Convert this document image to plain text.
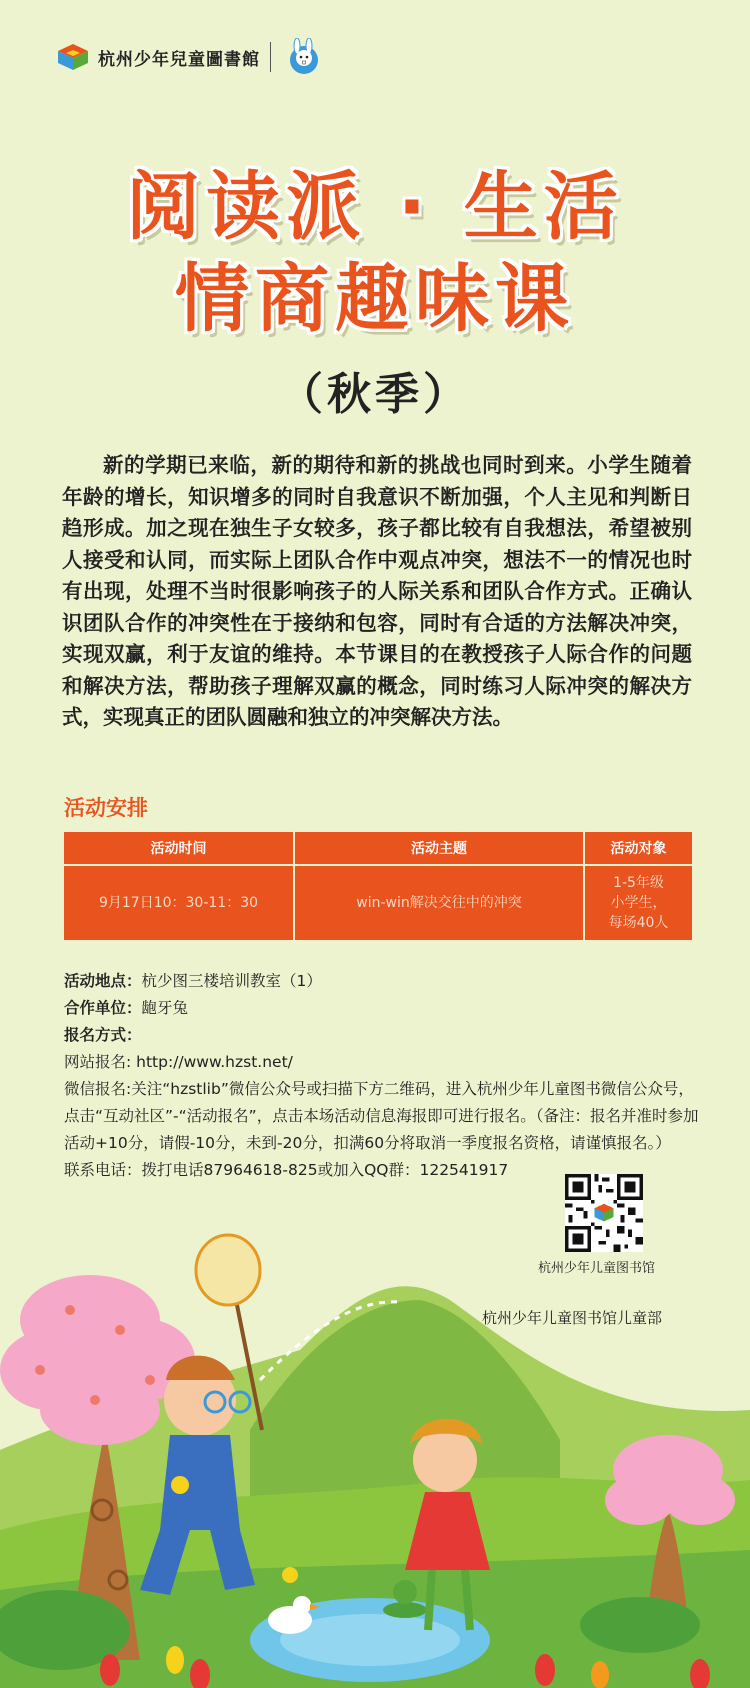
杭州少年兒童圖書館
阅读派 · 生活
情商趣味课
（秋季）
新的学期已来临，新的期待和新的挑战也同时到来。小学生随着年龄的增长，知识增多的同时自我意识不断加强，个人主见和判断日趋形成。加之现在独生子女较多，孩子都比较有自我想法，希望被别人接受和认同，而实际上团队合作中观点冲突，想法不一的情况也时有出现，处理不当时很影响孩子的人际关系和团队合作方式。正确认识团队合作的冲突性在于接纳和包容，同时有合适的方法解决冲突，实现双赢，利于友谊的维持。本节课目的在教授孩子人际合作的问题和解决方法，帮助孩子理解双赢的概念，同时练习人际冲突的解决方式，实现真正的团队圆融和独立的冲突解决方法。
活动安排
活动时间	活动主题	活动对象
9月17日10：30-11：30	win-win解决交往中的冲突	1-5年级
小学生，
每场40人

活动地点：杭少图三楼培训教室（1）

合作单位：龅牙兔

报名方式：

网站报名: http://www.hzst.net/

微信报名:关注“hzstlib”微信公众号或扫描下方二维码，进入杭州少年儿童图书微信公众号，点击“互动社区”-“活动报名”，点击本场活动信息海报即可进行报名。（备注：报名并准时参加活动+10分，请假-10分，未到-20分，扣满60分将取消一季度报名资格，请谨慎报名。）

联系电话：拨打电话87964618-825或加入QQ群：122541917

杭州少年儿童图书馆
杭州少年儿童图书馆儿童部
